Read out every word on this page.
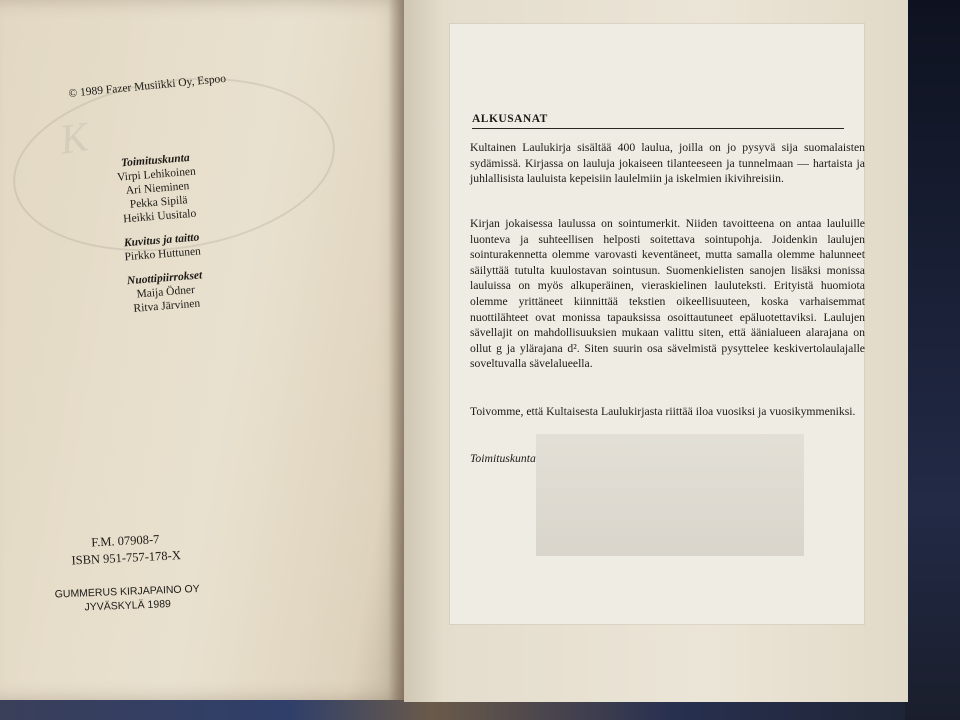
K
© 1989 Fazer Musiikki Oy, Espoo
Toimituskunta
Virpi Lehikoinen
Ari Nieminen
Pekka Sipilä
Heikki Uusitalo
Kuvitus ja taitto
Pirkko Huttunen
Nuottipiirrokset
Maija Ödner
Ritva Järvinen
F.M. 07908-7
ISBN 951-757-178-X
GUMMERUS KIRJAPAINO OY
JYVÄSKYLÄ 1989
ALKUSANAT

Kultainen Laulukirja sisältää 400 laulua, joilla on jo pysyvä sija suomalaisten sydämissä. Kirjassa on lauluja jokaiseen tilanteeseen ja tunnelmaan — hartaista ja juhlallisista lauluista kepeisiin laulelmiin ja iskelmien ikivihreisiin.

Kirjan jokaisessa laulussa on sointumerkit. Niiden tavoitteena on antaa lauluille luonteva ja suhteellisen helposti soitettava sointupohja. Joidenkin laulujen sointurakennetta olemme varovasti keventäneet, mutta samalla olemme halunneet säilyttää tutulta kuulostavan sointusun. Suomenkielisten sanojen lisäksi monissa lauluissa on myös alkuperäinen, vieraskielinen lauluteksti. Erityistä huomiota olemme yrittäneet kiinnittää tekstien oikeellisuuteen, koska varhaisemmat nuottilähteet ovat monissa tapauksissa osoittautuneet epäluotettaviksi. Laulujen sävellajit on mahdollisuuksien mukaan valittu siten, että äänialueen alarajana on ollut g ja ylärajana d². Siten suurin osa sävelmistä pysyttelee keskivertolaulajalle soveltuvalla sävelalueella.

Toivomme, että Kultaisesta Laulukirjasta riittää iloa vuosiksi ja vuosikymmeniksi.

Toimituskunta
